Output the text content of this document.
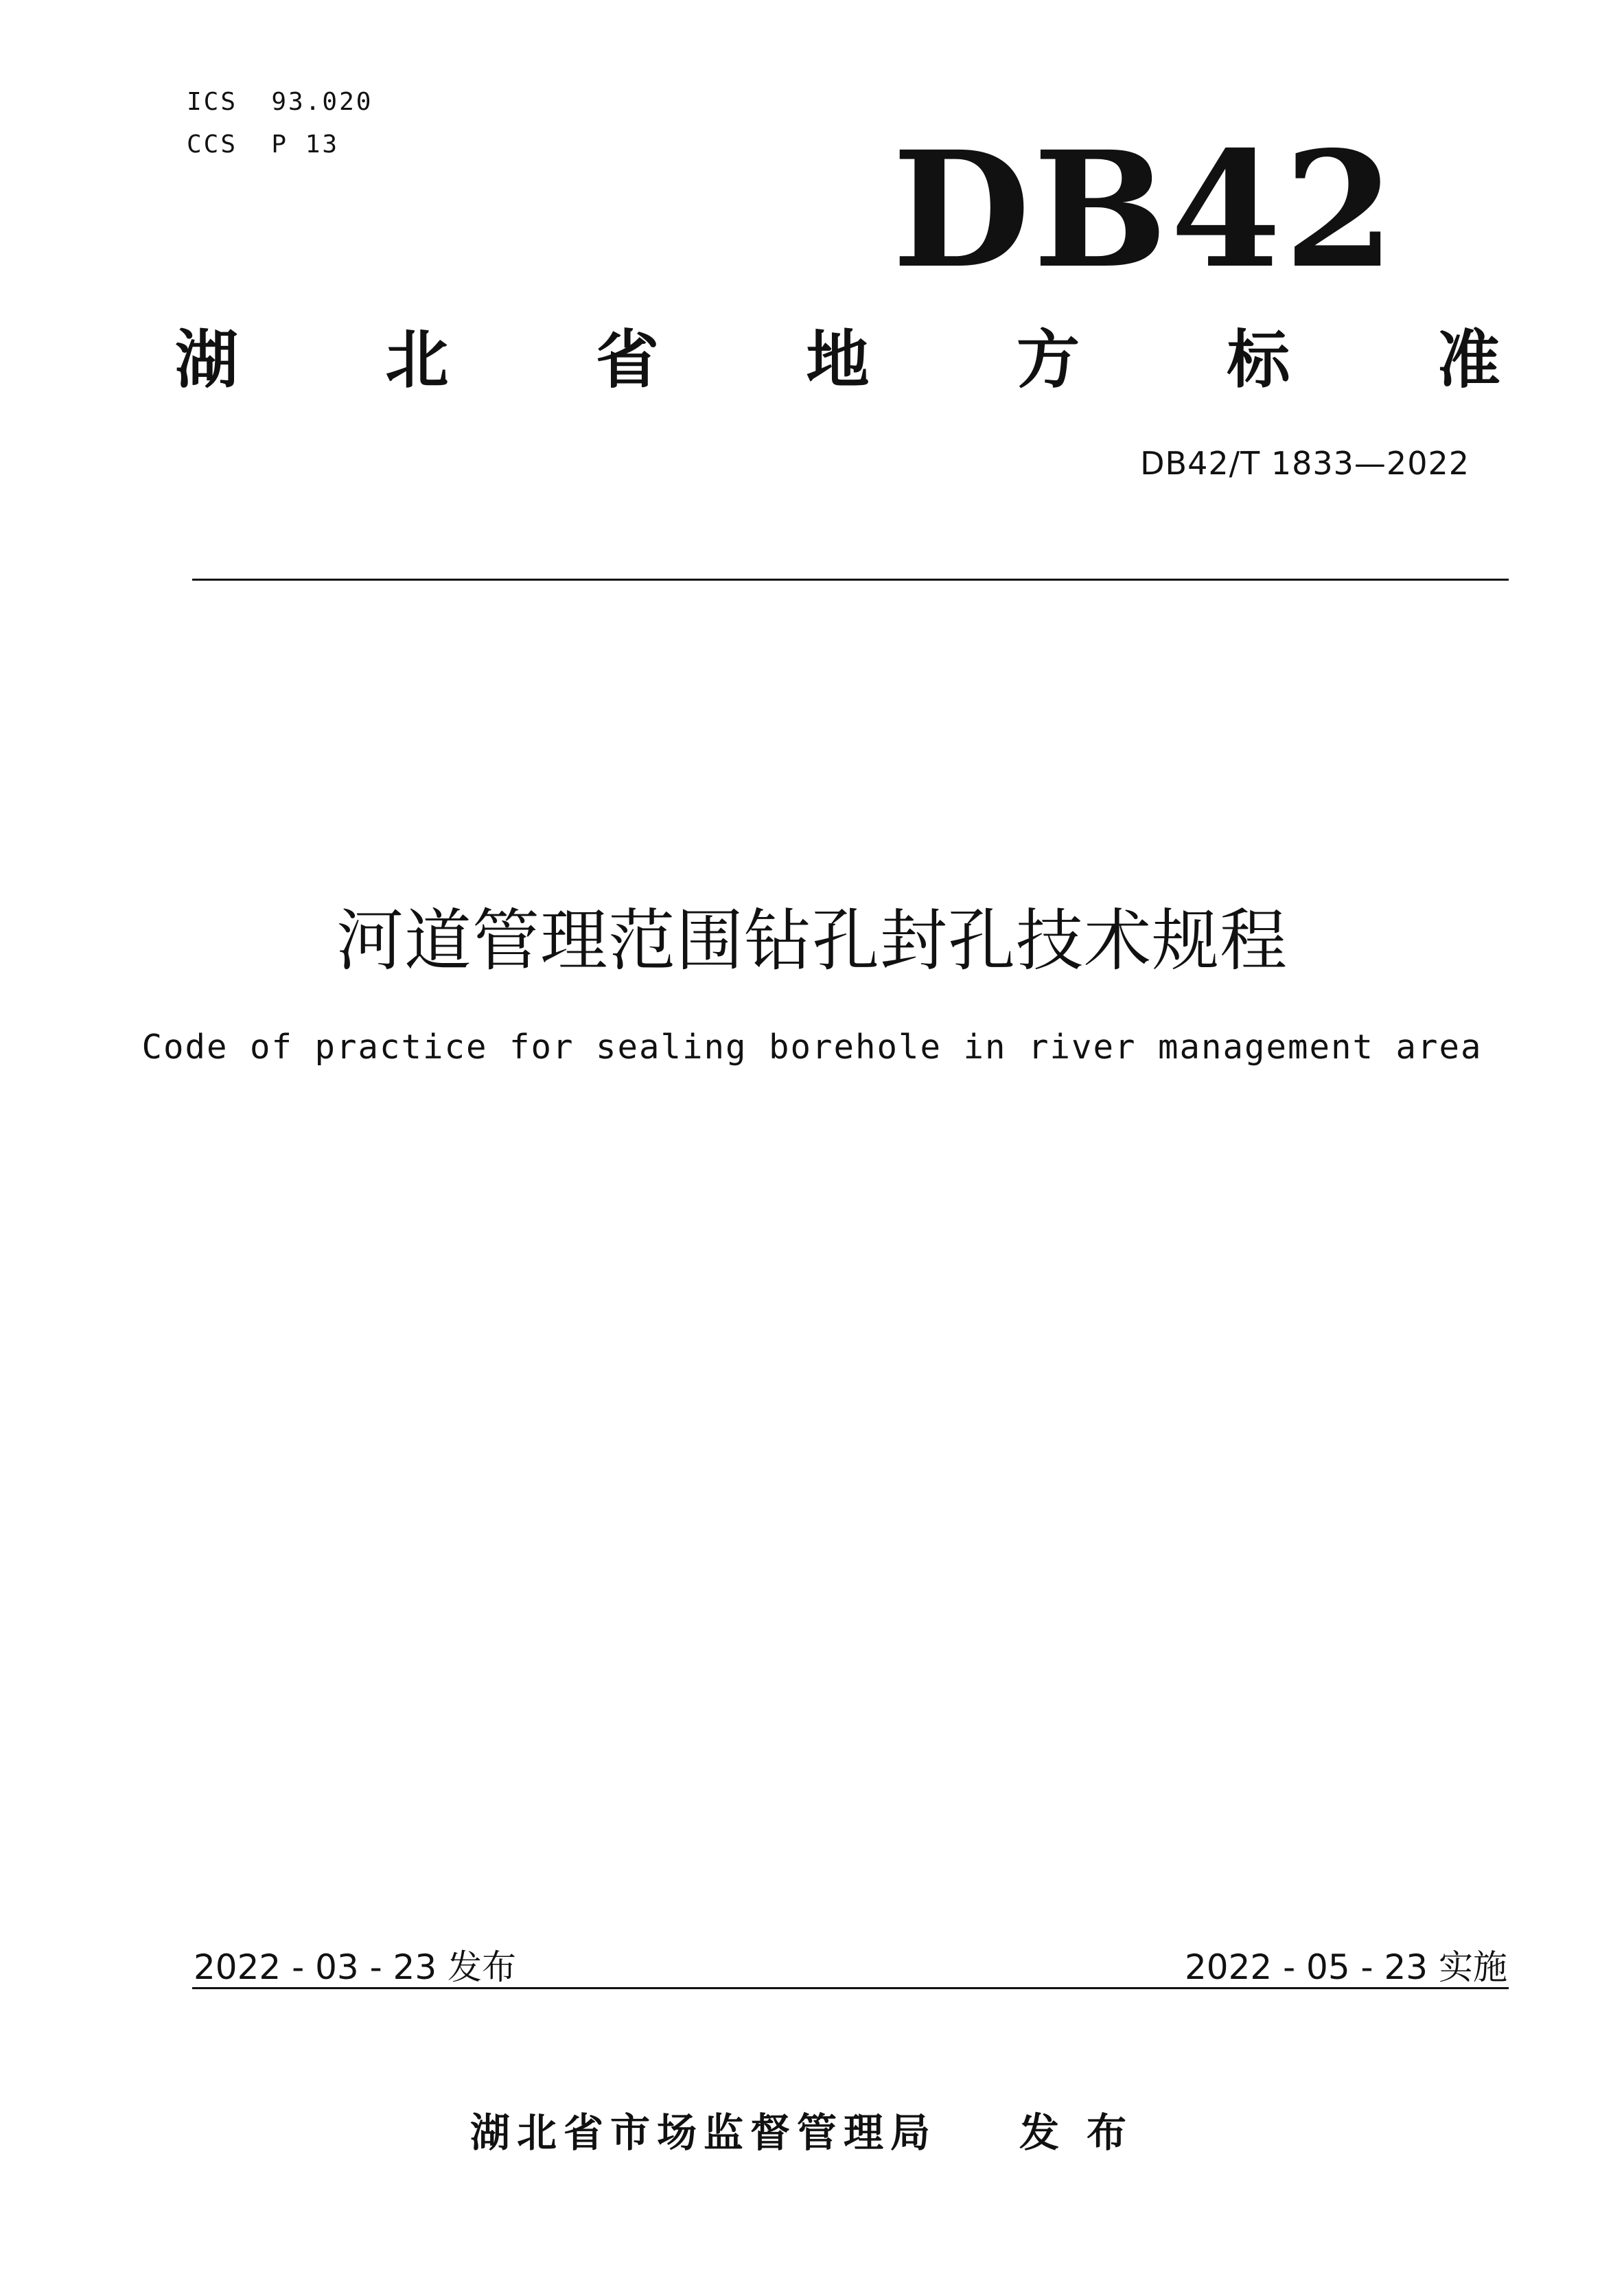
ICS  93.020
CCS  P 13	DB42
湖 北 省 地 方 标 准
DB42/T 1833—2022
河道管理范围钻孔封孔技术规程
Code of practice for sealing borehole in river management area
2022 - 03 - 23 发布	2022 - 05 - 23 实施
湖北省市场监督管理局 发布
